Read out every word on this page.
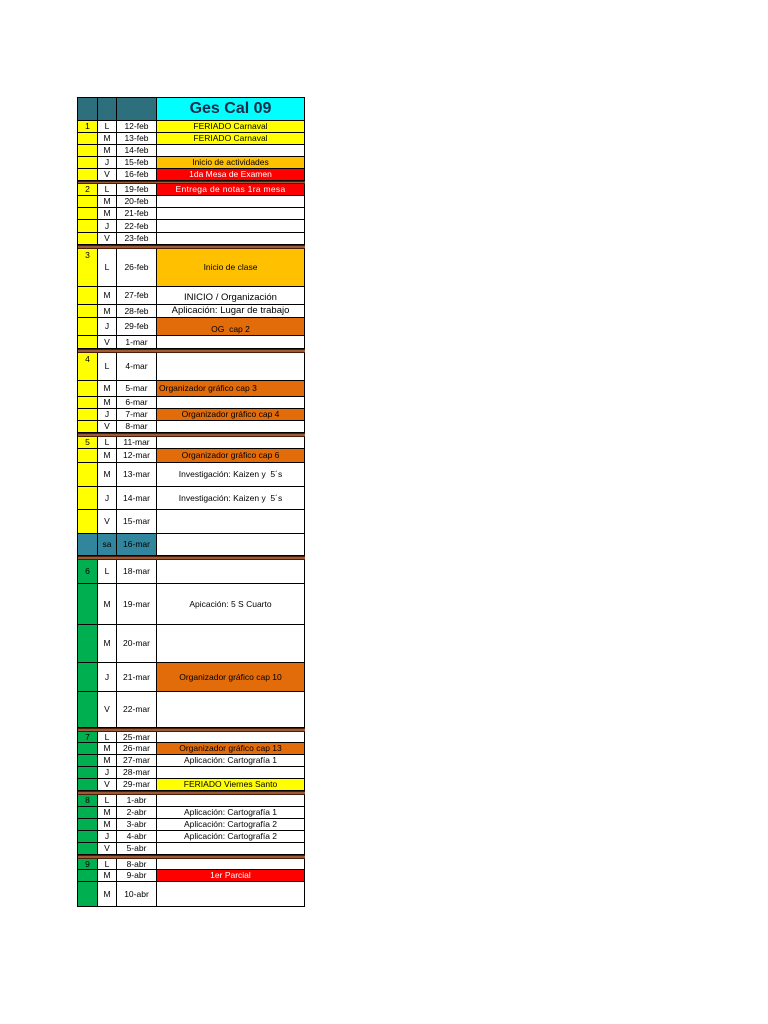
Ges Cal 09
1 L 12-feb	FERIADO Carnaval
M 13-feb	FERIADO Carnaval
M 14-feb
J 15-feb	Inicio de actividades
V 16-feb	1da Mesa de Examen
2 L 19-feb	Entrega de notas 1ra mesa
M 20-feb
M 21-feb
J 22-feb
V 23-feb
3
L 26-feb	Inicio de clase
M 27-feb	INICIO / Organización
M 28-feb Aplicación: Lugar de trabajo
J 29-feb	OG  cap 2
V 1-mar
4
L 4-mar
M 5-mar Organizador gráfico cap 3
M 6-mar
J 7-mar	Organizador gráfico cap 4
V 8-mar
5 L 11-mar
M 12-mar	Organizador gráfico cap 6
M 13-mar	Investigación: Kaizen y  5´s
J 14-mar	Investigación: Kaizen y  5´s
V 15-mar
sa 16-mar
6 L 18-mar
M 19-mar	Apicación: 5 S Cuarto
M 20-mar
J 21-mar	Organizador gráfico cap 10
V 22-mar
7 L 25-mar
M 26-mar	Organizador gráfico cap 13
M 27-mar	Aplicación: Cartografía 1
J 28-mar
V 29-mar	FERIADO Viernes Santo
8 L 1-abr
M 2-abr	Aplicación: Cartografía 1
M 3-abr	Aplicación: Cartografía 2
J 4-abr	Aplicación: Cartografía 2
V 5-abr
9 L 8-abr
M 9-abr	1er Parcial
M 10-abr
